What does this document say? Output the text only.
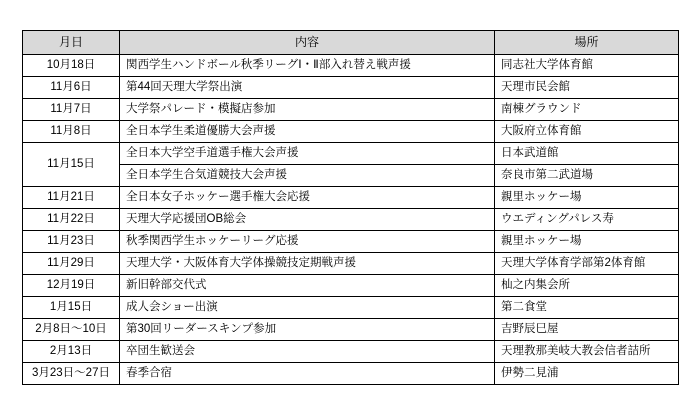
月日	内容	場所
10月18日	関西学生ハンドボール秋季リーグⅠ・Ⅱ部入れ替え戦声援	同志社大学体育館
11月6日	第44回天理大学祭出演	天理市民会館
11月7日	大学祭パレード・模擬店参加	南棟グラウンド
11月8日	全日本学生柔道優勝大会声援	大阪府立体育館
11月15日	全日本大学空手道選手権大会声援	日本武道館
	全日本学生合気道競技大会声援	奈良市第二武道場
11月21日	全日本女子ホッケー選手権大会応援	親里ホッケー場
11月22日	天理大学応援団OB総会	ウエディングパレス寿
11月23日	秋季関西学生ホッケーリーグ応援	親里ホッケー場
11月29日	天理大学・大阪体育大学体操競技定期戦声援	天理大学体育学部第2体育館
12月19日	新旧幹部交代式	杣之内集会所
1月15日	成人会ショー出演	第二食堂
2月8日〜10日	第30回リーダースキンプ参加	吉野辰巳屋
2月13日	卒団生歓送会	天理教那美岐大教会信者詰所
3月23日〜27日	春季合宿	伊勢二見浦
